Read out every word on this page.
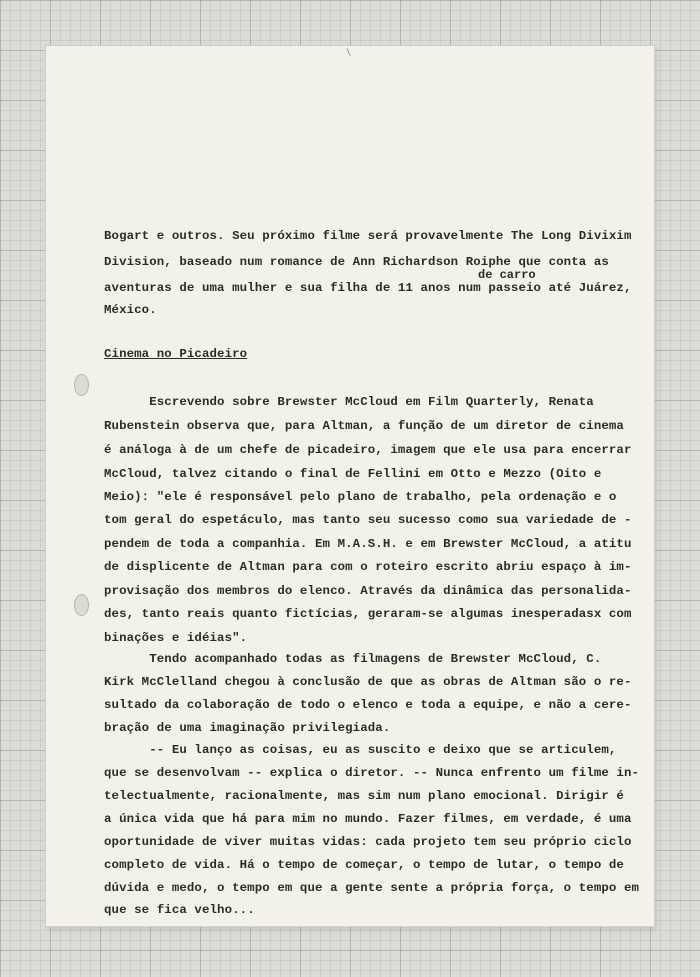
Bogart e outros. Seu próximo filme será provavelmente The Long Divixim
Division, baseado num romance de Ann Richardson Roiphe que conta as
de carro
aventuras de uma mulher e sua filha de 11 anos num passeio até Juárez,
México.
Cinema no Picadeiro
Escrevendo sobre Brewster McCloud em Film Quarterly, Renata
Rubenstein observa que, para Altman, a função de um diretor de cinema
é análoga à de um chefe de picadeiro, imagem que ele usa para encerrar
McCloud, talvez citando o final de Fellini em Otto e Mezzo (Oito e
Meio): "ele é responsável pelo plano de trabalho, pela ordenação e o
tom geral do espetáculo, mas tanto seu sucesso como sua variedade de -
pendem de toda a companhia. Em M.A.S.H. e em Brewster McCloud, a atitu
de displicente de Altman para com o roteiro escrito abriu espaço à im-
provisação dos membros do elenco. Através da dinâmica das personalida-
des, tanto reais quanto fictícias, geraram-se algumas inesperadasx com
binações e idéias".
Tendo acompanhado todas as filmagens de Brewster McCloud, C.
Kirk McClelland chegou à conclusão de que as obras de Altman são o re-
sultado da colaboração de todo o elenco e toda a equipe, e não a cere-
bração de uma imaginação privilegiada.
-- Eu lanço as coisas, eu as suscito e deixo que se articulem,
que se desenvolvam -- explica o diretor. -- Nunca enfrento um filme in-
telectualmente, racionalmente, mas sim num plano emocional. Dirigir é
a única vida que há para mim no mundo. Fazer filmes, em verdade, é uma
oportunidade de viver muitas vidas: cada projeto tem seu próprio ciclo
completo de vida. Há o tempo de começar, o tempo de lutar, o tempo de
dúvida e medo, o tempo em que a gente sente a própria força, o tempo em
que se fica velho...
